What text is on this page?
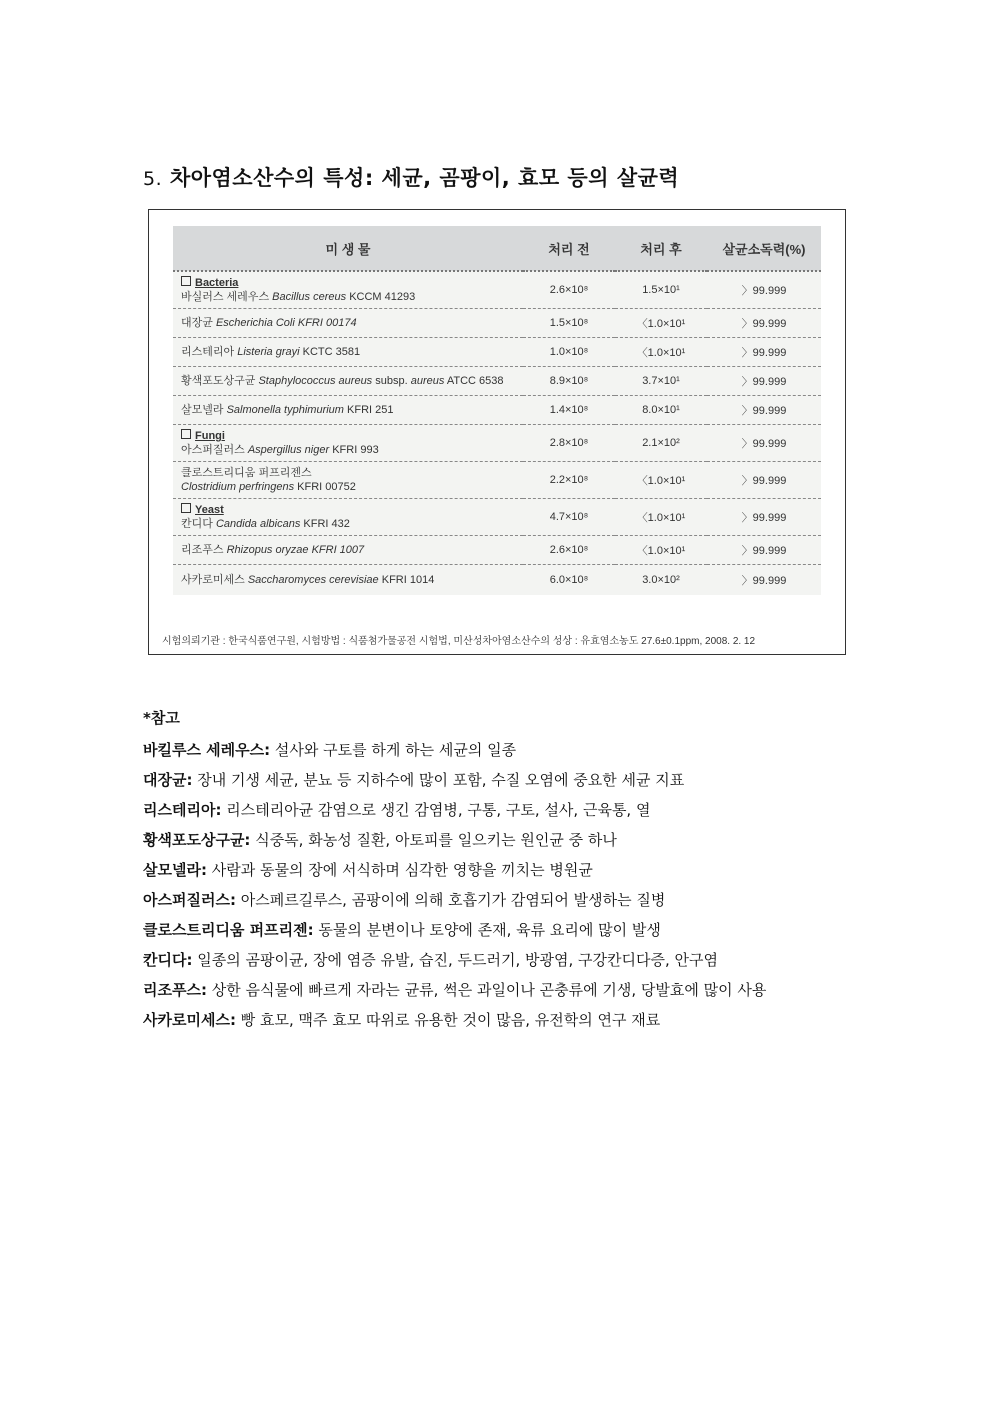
5. 차아염소산수의 특성: 세균, 곰팡이, 효모 등의 살균력
미 생 물	처리 전	처리 후	살균소독력(%)

Bacteria
바실러스 세레우스 Bacillus cereus KCCM 41293	2.6×10⁸	1.5×10¹	〉99.999
대장균 Escherichia Coli KFRI 00174	1.5×10⁸	〈1.0×10¹	〉99.999
리스테리아 Listeria grayi KCTC 3581	1.0×10⁸	〈1.0×10¹	〉99.999
황색포도상구균 Staphylococcus aureus subsp. aureus ATCC 6538	8.9×10⁸	3.7×10¹	〉99.999
살모넬라 Salmonella typhimurium KFRI 251	1.4×10⁸	8.0×10¹	〉99.999

Fungi
아스퍼질러스 Aspergillus niger KFRI 993	2.8×10⁸	2.1×10²	〉99.999

클로스트리디움 퍼프리젠스
Clostridium perfringens KFRI 00752	2.2×10⁸	〈1.0×10¹	〉99.999

Yeast
칸디다 Candida albicans KFRI 432	4.7×10⁸	〈1.0×10¹	〉99.999
리조푸스 Rhizopus oryzae KFRI 1007	2.6×10⁸	〈1.0×10¹	〉99.999
사카로미세스 Saccharomyces cerevisiae KFRI 1014	6.0×10⁸	3.0×10²	〉99.999
시험의뢰기관 : 한국식품연구원, 시험방법 : 식품첨가물공전 시험법, 미산성차아염소산수의 성상 : 유효염소농도 27.6±0.1ppm, 2008. 2. 12
*참고
바킬루스 세레우스: 설사와 구토를 하게 하는 세균의 일종
대장균: 장내 기생 세균, 분뇨 등 지하수에 많이 포함, 수질 오염에 중요한 세균 지표
리스테리아: 리스테리아균 감염으로 생긴 감염병, 구통, 구토, 설사, 근육통, 열
황색포도상구균: 식중독, 화농성 질환, 아토피를 일으키는 원인균 중 하나
살모넬라: 사람과 동물의 장에 서식하며 심각한 영향을 끼치는 병원균
아스퍼질러스: 아스페르길루스, 곰팡이에 의해 호흡기가 감염되어 발생하는 질병
클로스트리디움 퍼프리젠: 동물의 분변이나 토양에 존재, 육류 요리에 많이 발생
칸디다: 일종의 곰팡이균, 장에 염증 유발, 습진, 두드러기, 방광염, 구강칸디다증, 안구염
리조푸스: 상한 음식물에 빠르게 자라는 균류, 썩은 과일이나 곤충류에 기생, 당발효에 많이 사용
사카로미세스: 빵 효모, 맥주 효모 따위로 유용한 것이 많음, 유전학의 연구 재료
